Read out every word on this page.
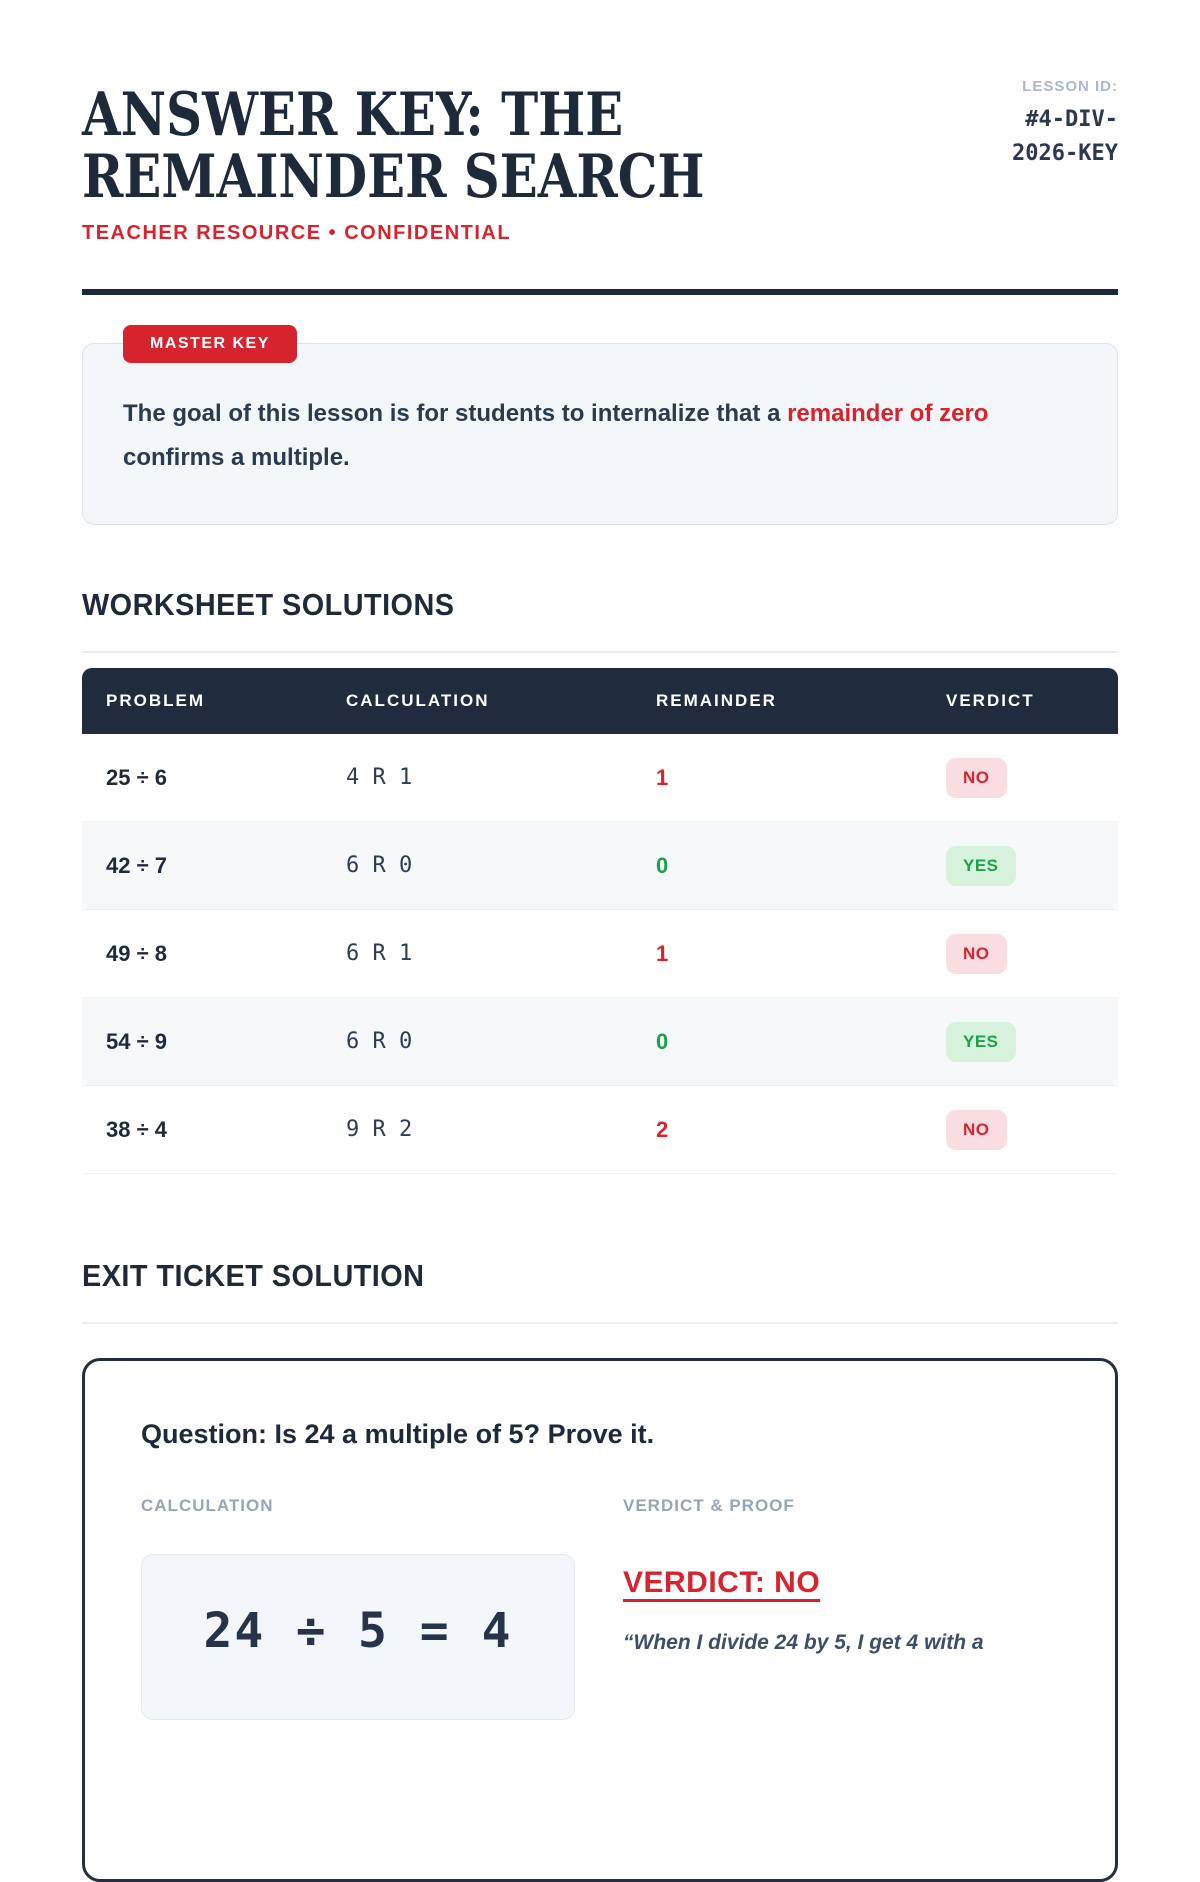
ANSWER KEY: THE
REMAINDER SEARCH
TEACHER RESOURCE • CONFIDENTIAL
LESSON ID:
#4-DIV-2026-KEY
MASTER KEY
The goal of this lesson is for students to internalize that a remainder of zero confirms a multiple.
WORKSHEET SOLUTIONS
PROBLEM	CALCULATION	REMAINDER	VERDICT
25 ÷ 6	4 R 1	1	NO
42 ÷ 7	6 R 0	0	YES
49 ÷ 8	6 R 1	1	NO
54 ÷ 9	6 R 0	0	YES
38 ÷ 4	9 R 2	2	NO
EXIT TICKET SOLUTION
Question: Is 24 a multiple of 5? Prove it.
CALCULATION
24 ÷ 5 = 4
VERDICT & PROOF
VERDICT: NO
“When I divide 24 by 5, I get 4 with a
